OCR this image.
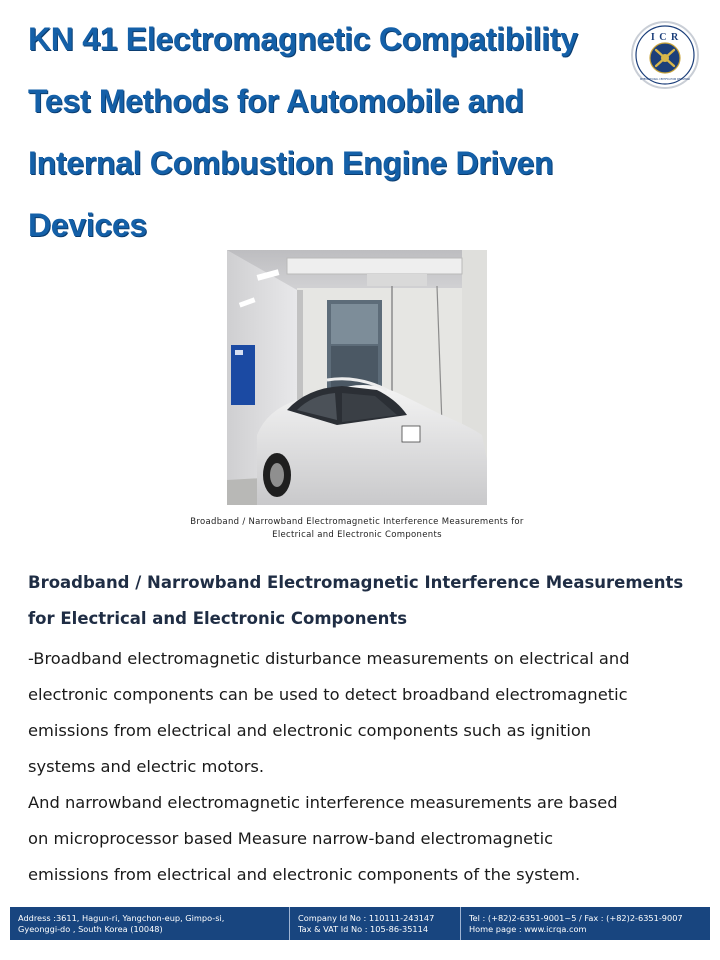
KN 41 Electromagnetic Compatibility
Test Methods for Automobile and
Internal Combustion Engine Driven
Devices
I C R
INTERNATIONAL CERTIFICATION REGISTRAR
Broadband / Narrowband Electromagnetic Interference Measurements for
Electrical and Electronic Components
Broadband / Narrowband Electromagnetic Interference Measurements
for Electrical and Electronic Components
-Broadband electromagnetic disturbance measurements on electrical and
electronic components can be used to detect broadband electromagnetic
emissions from electrical and electronic components such as ignition
systems and electric motors.
And narrowband electromagnetic interference measurements are based
on microprocessor based Measure narrow-band electromagnetic
emissions from electrical and electronic components of the system.
Address :3611, Hagun-ri, Yangchon-eup, Gimpo-si,
Gyeonggi-do , South Korea (10048)
Company Id No : 110111-243147
Tax & VAT Id No : 105-86-35114
Tel : (+82)2-6351-9001~5 / Fax : (+82)2-6351-9007
Home page : www.icrqa.com
